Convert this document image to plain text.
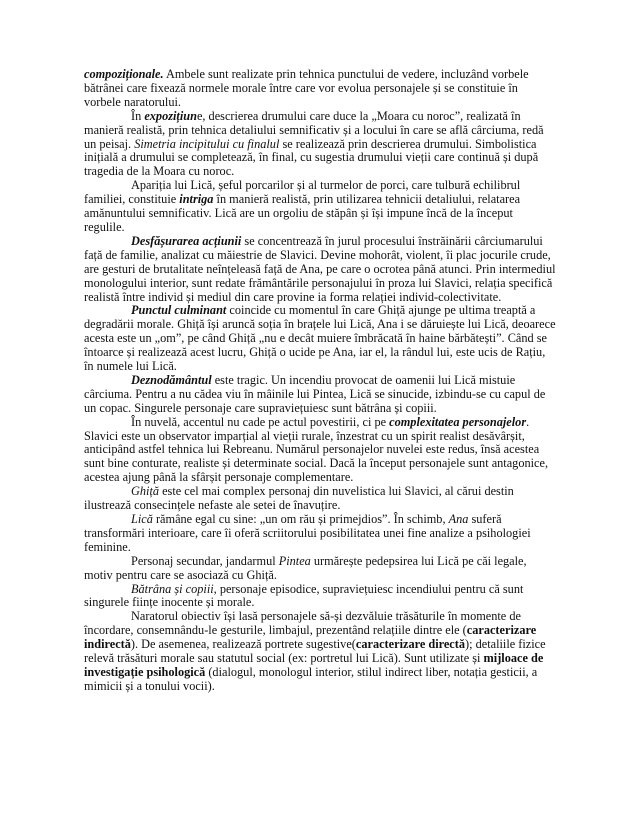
compoziționale. Ambele sunt realizate prin tehnica punctului de vedere, incluzând vorbele bătrânei care fixează normele morale între care vor evolua personajele și se constituie în vorbele naratorului.

În expozițiune, descrierea drumului care duce la „Moara cu noroc”, realizată în manieră realistă, prin tehnica detaliului semnificativ și a locului în care se află cârciuma, redă un peisaj. Simetria incipitului cu finalul se realizează prin descrierea drumului. Simbolistica inițială a drumului se completează, în final, cu sugestia drumului vieții care continuă și după tragedia de la Moara cu noroc.

Apariția lui Lică, șeful porcarilor și al turmelor de porci, care tulbură echilibrul familiei, constituie intriga în manieră realistă, prin utilizarea tehnicii detaliului, relatarea amănuntului semnificativ. Lică are un orgoliu de stăpân și își impune încă de la început regulile.

Desfășurarea acțiunii se concentrează în jurul procesului înstrăinării cârciumarului față de familie, analizat cu măiestrie de Slavici. Devine mohorât, violent, îi plac jocurile crude, are gesturi de brutalitate neînțeleasă față de Ana, pe care o ocrotea până atunci. Prin intermediul monologului interior, sunt redate frământările personajului în proza lui Slavici, relația specifică realistă între individ și mediul din care provine ia forma relației individ-colectivitate.

Punctul culminant coincide cu momentul în care Ghiță ajunge pe ultima treaptă a degradării morale. Ghiță își aruncă soția în brațele lui Lică, Ana i se dăruiește lui Lică, deoarece acesta este un „om”, pe când Ghiță „nu e decât muiere îmbrăcată în haine bărbătești”. Când se întoarce și realizează acest lucru, Ghiță o ucide pe Ana, iar el, la rândul lui, este ucis de Rațiu, în numele lui Lică.

Deznodământul este tragic. Un incendiu provocat de oamenii lui Lică mistuie cârciuma. Pentru a nu cădea viu în mâinile lui Pintea, Lică se sinucide, izbindu-se cu capul de un copac. Singurele personaje care supraviețuiesc sunt bătrâna și copiii.

În nuvelă, accentul nu cade pe actul povestirii, ci pe complexitatea personajelor. Slavici este un observator imparțial al vieții rurale, înzestrat cu un spirit realist desăvârșit, anticipând astfel tehnica lui Rebreanu. Numărul personajelor nuvelei este redus, însă acestea sunt bine conturate, realiste și determinate social. Dacă la început personajele sunt antagonice, acestea ajung până la sfârșit personaje complementare.

Ghiță este cel mai complex personaj din nuvelistica lui Slavici, al cărui destin ilustrează consecințele nefaste ale setei de înavuțire.

Lică rămâne egal cu sine: „un om rău și primejdios”. În schimb, Ana suferă transformări interioare, care îi oferă scriitorului posibilitatea unei fine analize a psihologiei feminine.

Personaj secundar, jandarmul Pintea urmărește pedepsirea lui Lică pe căi legale, motiv pentru care se asociază cu Ghiță.

Bătrâna și copiii, personaje episodice, supraviețuiesc incendiului pentru că sunt singurele ființe inocente și morale.

Naratorul obiectiv își lasă personajele să-și dezvăluie trăsăturile în momente de încordare, consemnându-le gesturile, limbajul, prezentând relațiile dintre ele (caracterizare indirectă). De asemenea, realizează portrete sugestive(caracterizare directă); detaliile fizice relevă trăsături morale sau statutul social (ex: portretul lui Lică). Sunt utilizate și mijloace de investigație psihologică (dialogul, monologul interior, stilul indirect liber, notația gesticii, a mimicii și a tonului vocii).
